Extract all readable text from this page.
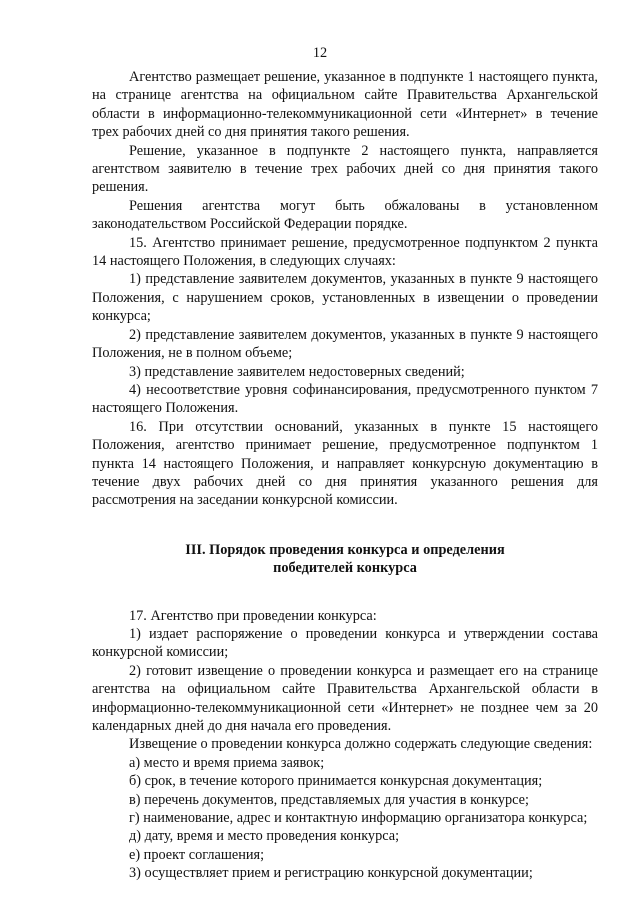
12

Агентство размещает решение, указанное в подпункте 1 настоящего пункта, на странице агентства на официальном сайте Правительства Архангельской области в информационно-телекоммуникационной сети «Интернет» в течение трех рабочих дней со дня принятия такого решения.

Решение, указанное в подпункте 2 настоящего пункта, направляется агентством заявителю в течение трех рабочих дней со дня принятия такого решения.

Решения агентства могут быть обжалованы в установленном законодательством Российской Федерации порядке.

15. Агентство принимает решение, предусмотренное подпунктом 2 пункта 14 настоящего Положения, в следующих случаях:

1) представление заявителем документов, указанных в пункте 9 настоящего Положения, с нарушением сроков, установленных в извещении о проведении конкурса;

2) представление заявителем документов, указанных в пункте 9 настоящего Положения, не в полном объеме;

3) представление заявителем недостоверных сведений;

4) несоответствие уровня софинансирования, предусмотренного пунктом 7 настоящего Положения.

16. При отсутствии оснований, указанных в пункте 15 настоящего Положения, агентство принимает решение, предусмотренное подпунктом 1 пункта 14 настоящего Положения, и направляет конкурсную документацию в течение двух рабочих дней со дня принятия указанного решения для рассмотрения на заседании конкурсной комиссии.

III. Порядок проведения конкурса и определения
победителей конкурса

17. Агентство при проведении конкурса:

1) издает распоряжение о проведении конкурса и утверждении состава конкурсной комиссии;

2) готовит извещение о проведении конкурса и размещает его на странице агентства на официальном сайте Правительства Архангельской области в информационно-телекоммуникационной сети «Интернет» не позднее чем за 20 календарных дней до дня начала его проведения.

Извещение о проведении конкурса должно содержать следующие сведения:

а) место и время приема заявок;

б) срок, в течение которого принимается конкурсная документация;

в) перечень документов, представляемых для участия в конкурсе;

г) наименование, адрес и контактную информацию организатора конкурса;

д) дату, время и место проведения конкурса;

е) проект соглашения;

3) осуществляет прием и регистрацию конкурсной документации;
